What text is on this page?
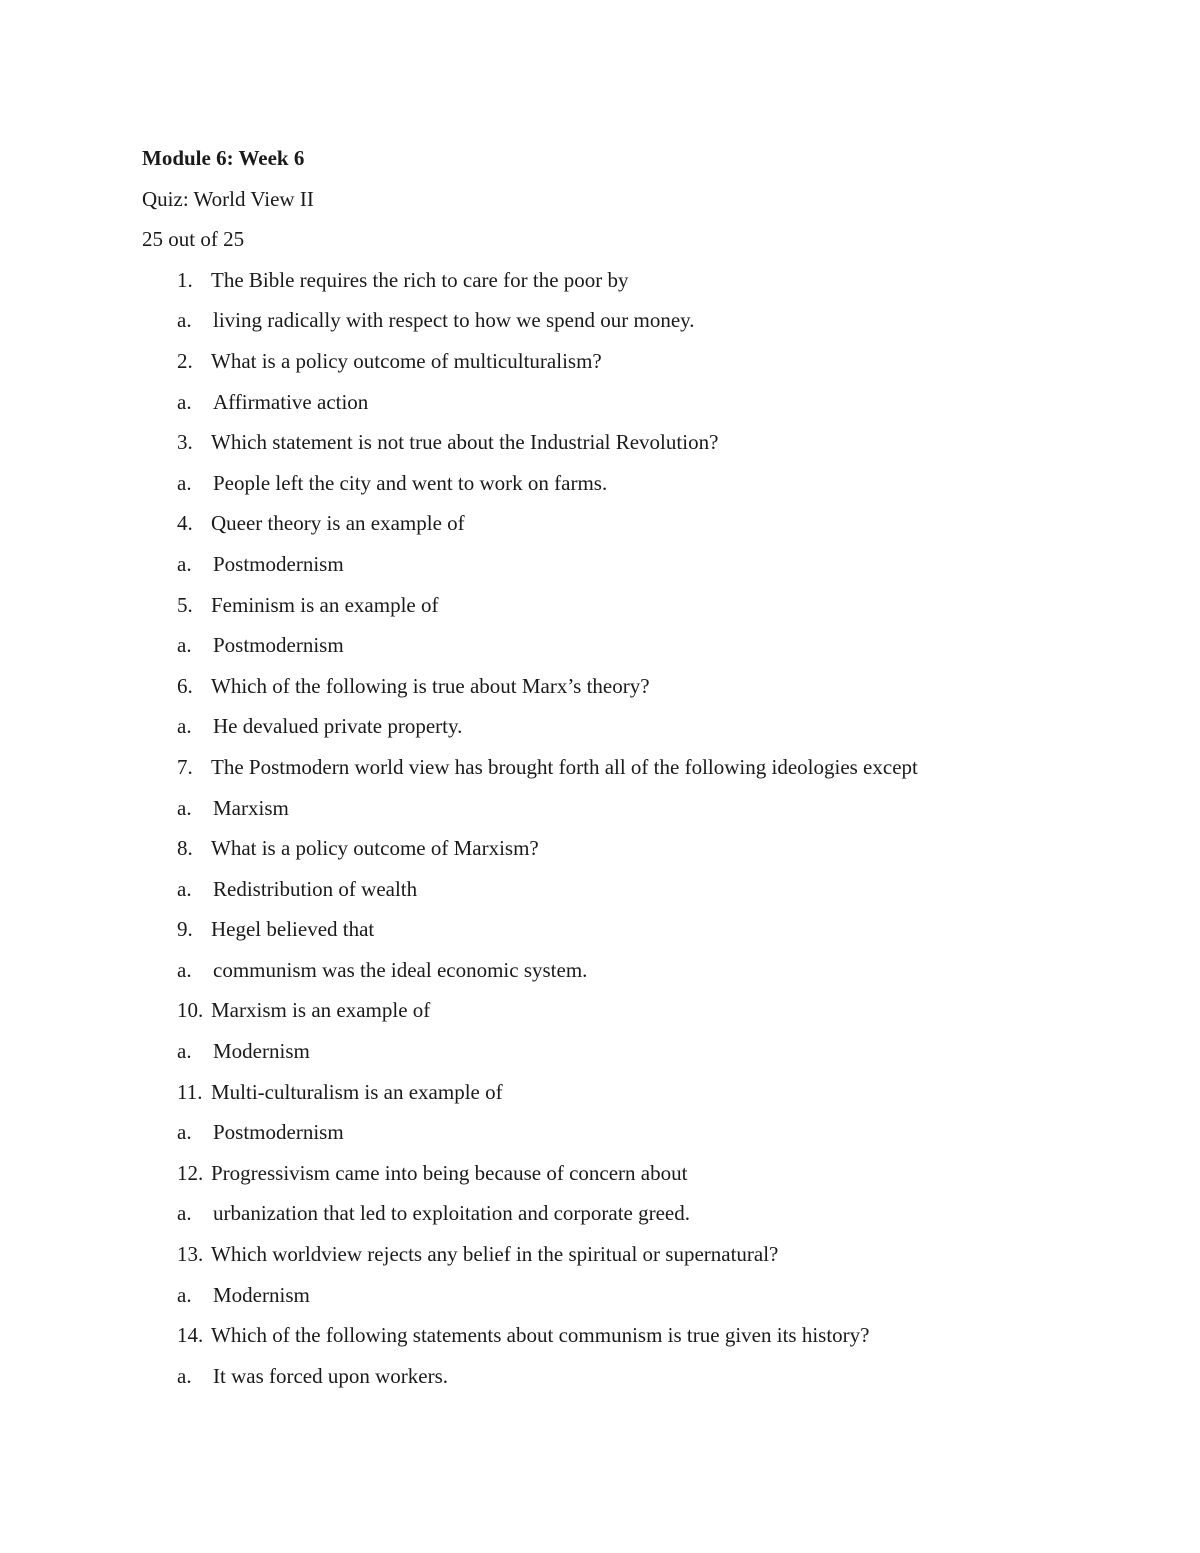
Module 6: Week 6

Quiz: World View II

25 out of 25

1. The Bible requires the rich to care for the poor by
a. living radically with respect to how we spend our money.
2. What is a policy outcome of multiculturalism?
a. Affirmative action
3. Which statement is not true about the Industrial Revolution?
a. People left the city and went to work on farms.
4. Queer theory is an example of
a. Postmodernism
5. Feminism is an example of
a. Postmodernism
6. Which of the following is true about Marx’s theory?
a. He devalued private property.
7. The Postmodern world view has brought forth all of the following ideologies except
a. Marxism
8. What is a policy outcome of Marxism?
a. Redistribution of wealth
9. Hegel believed that
a. communism was the ideal economic system.
10. Marxism is an example of
a. Modernism
11. Multi-culturalism is an example of
a. Postmodernism
12. Progressivism came into being because of concern about
a. urbanization that led to exploitation and corporate greed.
13. Which worldview rejects any belief in the spiritual or supernatural?
a. Modernism
14. Which of the following statements about communism is true given its history?
a. It was forced upon workers.
